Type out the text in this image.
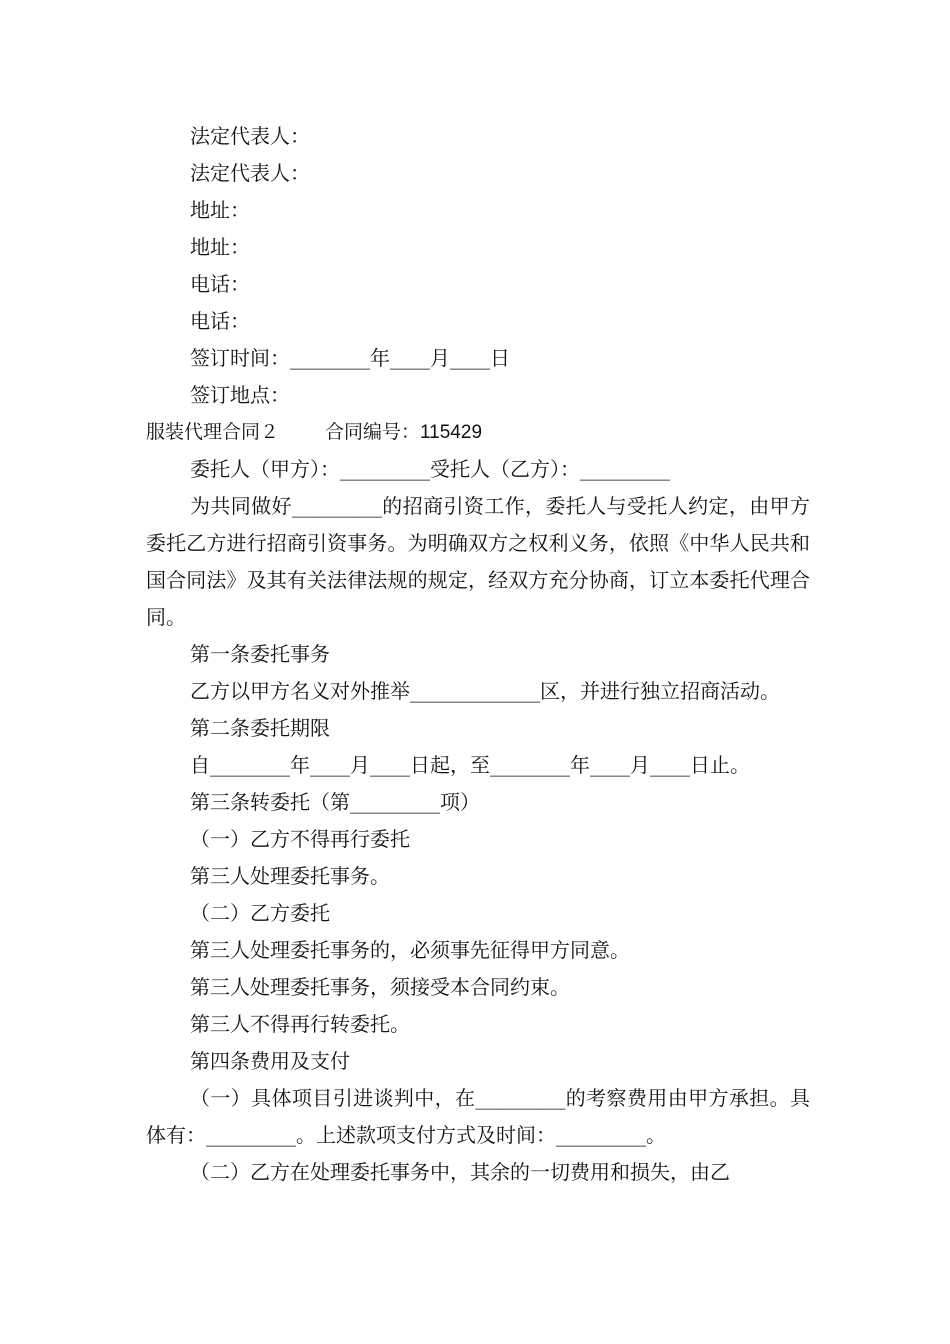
法定代表人：

法定代表人：

地址：

地址：

电话：

电话：

签订时间：________年____月____日

签订地点：

服装代理合同２ 合同编号：115429

委托人（甲方）：_________受托人（乙方）：_________

为共同做好_________的招商引资工作，委托人与受托人约定，由甲方委托乙方进行招商引资事务。为明确双方之权利义务，依照《中华人民共和国合同法》及其有关法律法规的规定，经双方充分协商，订立本委托代理合同。

第一条委托事务

乙方以甲方名义对外推举_____________区，并进行独立招商活动。

第二条委托期限

自________年____月____日起，至________年____月____日止。

第三条转委托（第_________项）

（一）乙方不得再行委托

第三人处理委托事务。

（二）乙方委托

第三人处理委托事务的，必须事先征得甲方同意。

第三人处理委托事务，须接受本合同约束。

第三人不得再行转委托。

第四条费用及支付

（一）具体项目引进谈判中，在_________的考察费用由甲方承担。具体有：_________。上述款项支付方式及时间：_________。

（二）乙方在处理委托事务中，其余的一切费用和损失，由乙
